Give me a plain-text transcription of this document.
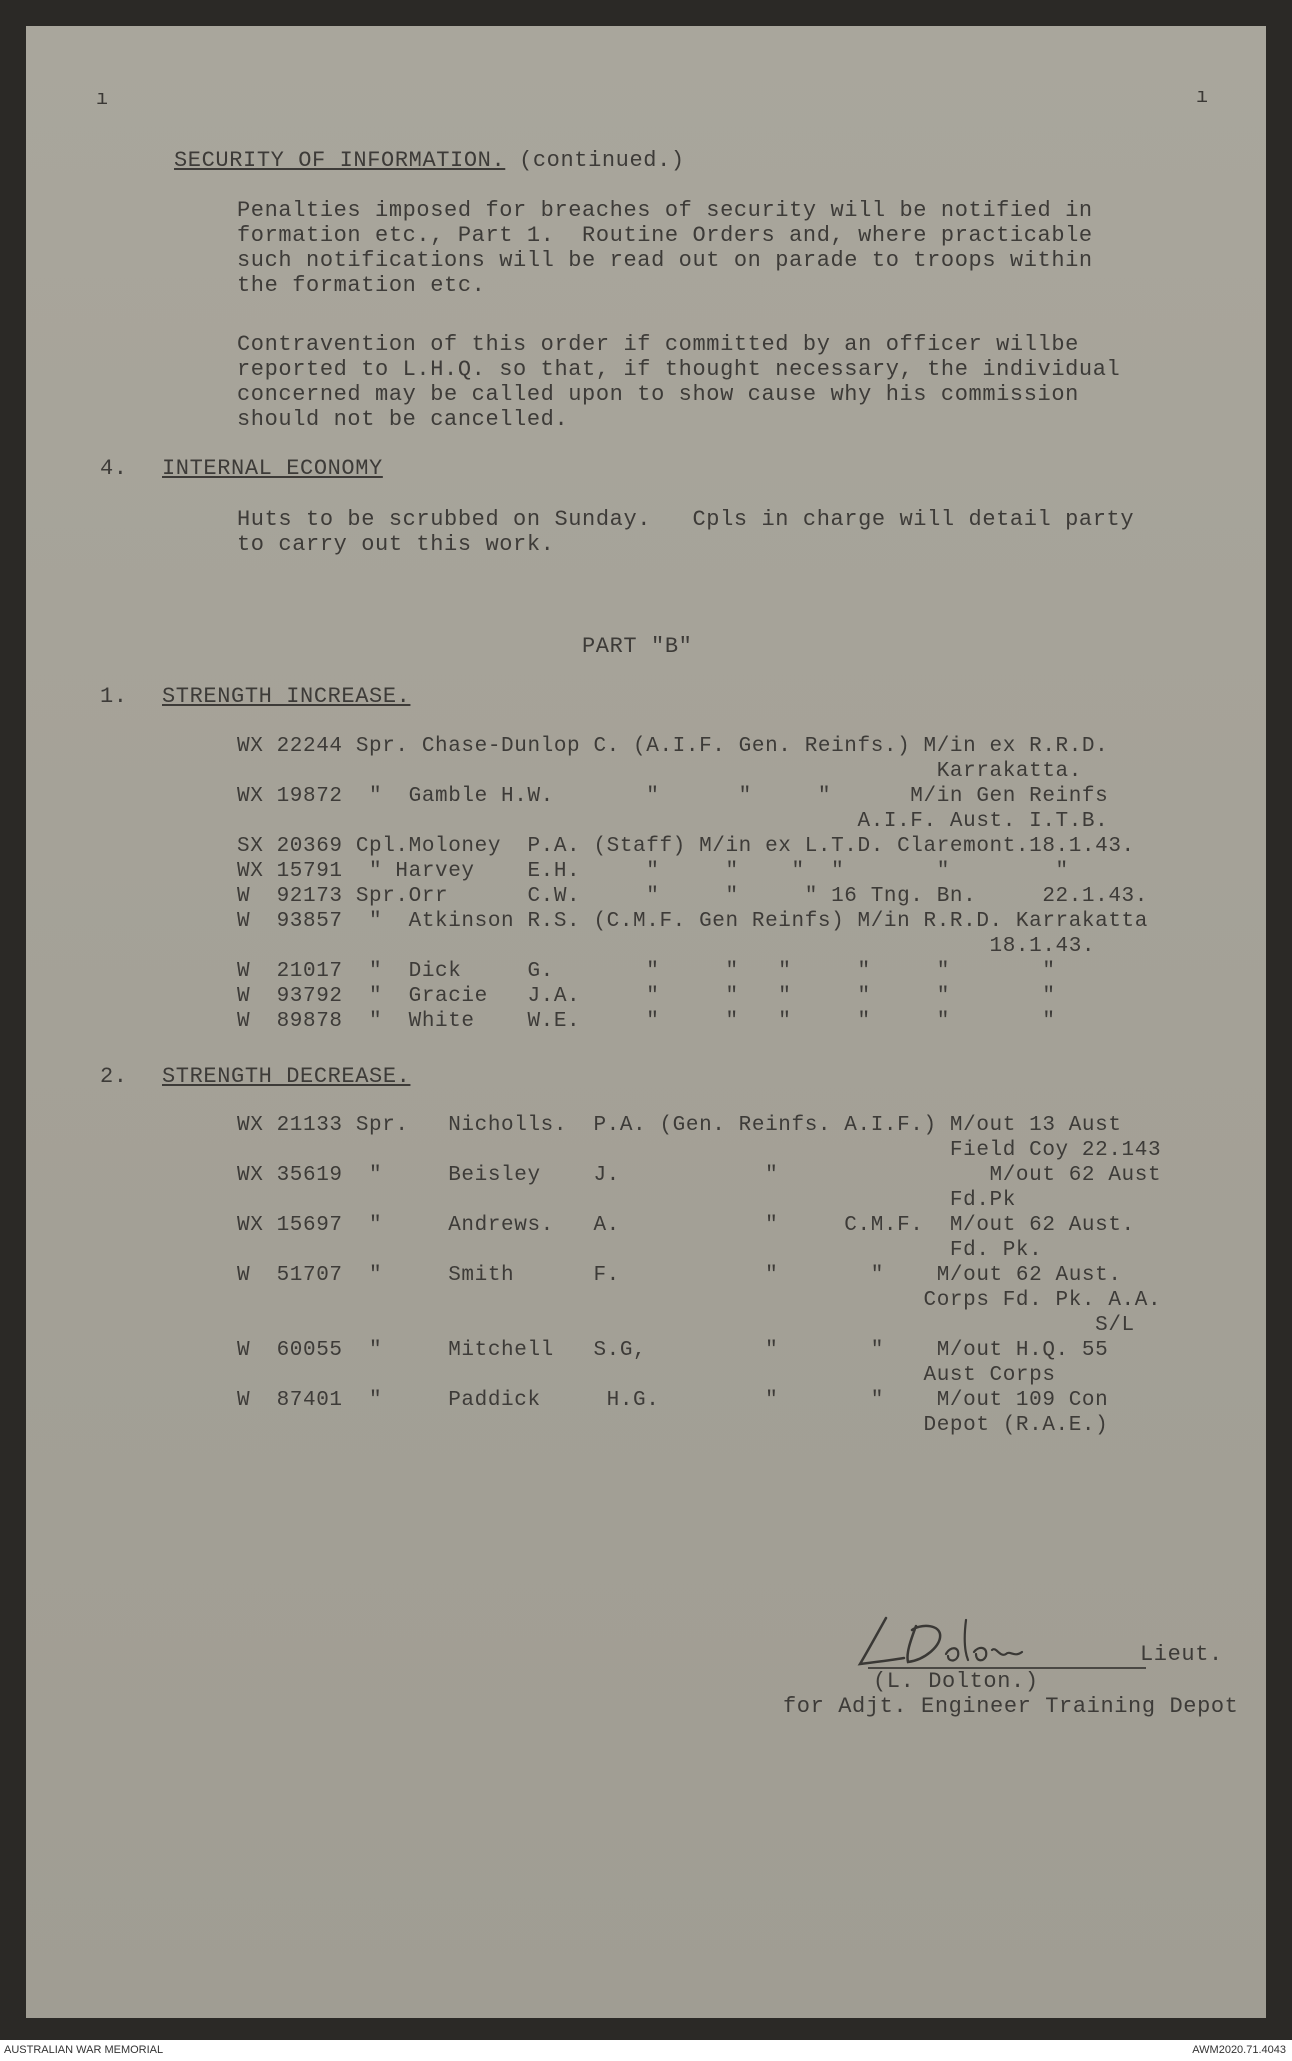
ı	ı
SECURITY OF INFORMATION. (continued.)
Penalties imposed for breaches of security will be notified in
formation etc., Part 1.  Routine Orders and, where practicable
such notifications will be read out on parade to troops within
the formation etc.
Contravention of this order if committed by an officer willbe
reported to L.H.Q. so that, if thought necessary, the individual
concerned may be called upon to show cause why his commission
should not be cancelled.
4. INTERNAL ECONOMY
Huts to be scrubbed on Sunday.   Cpls in charge will detail party
to carry out this work.
PART "B"
1. STRENGTH INCREASE.
WX 22244 Spr. Chase-Dunlop C. (A.I.F. Gen. Reinfs.) M/in ex R.R.D.
Karrakatta.
WX 19872  "  Gamble H.W.       "      "     "      M/in Gen Reinfs
A.I.F. Aust. I.T.B.
SX 20369 Cpl.Moloney  P.A. (Staff) M/in ex L.T.D. Claremont.18.1.43.
WX 15791  " Harvey    E.H.     "     "    "  "       "        "
W  92173 Spr.Orr      C.W.     "     "     " 16 Tng. Bn.     22.1.43.
W  93857  "  Atkinson R.S. (C.M.F. Gen Reinfs) M/in R.R.D. Karrakatta
18.1.43.
W  21017  "  Dick     G.       "     "   "     "     "       "
W  93792  "  Gracie   J.A.     "     "   "     "     "       "
W  89878  "  White    W.E.     "     "   "     "     "       "
2. STRENGTH DECREASE.
WX 21133 Spr.   Nicholls.  P.A. (Gen. Reinfs. A.I.F.) M/out 13 Aust
Field Coy 22.143
WX 35619  "     Beisley    J.           "                M/out 62 Aust
Fd.Pk
WX 15697  "     Andrews.   A.           "     C.M.F.  M/out 62 Aust.
Fd. Pk.
W  51707  "     Smith      F.           "       "    M/out 62 Aust.
Corps Fd. Pk. A.A.
S/L
W  60055  "     Mitchell   S.G,         "       "    M/out H.Q. 55
Aust Corps
W  87401  "     Paddick     H.G.        "       "    M/out 109 Con
Depot (R.A.E.)
Lieut.
(L. Dolton.)
for Adjt. Engineer Training Depot
AUSTRALIAN WAR MEMORIAL	AWM2020.71.4043
